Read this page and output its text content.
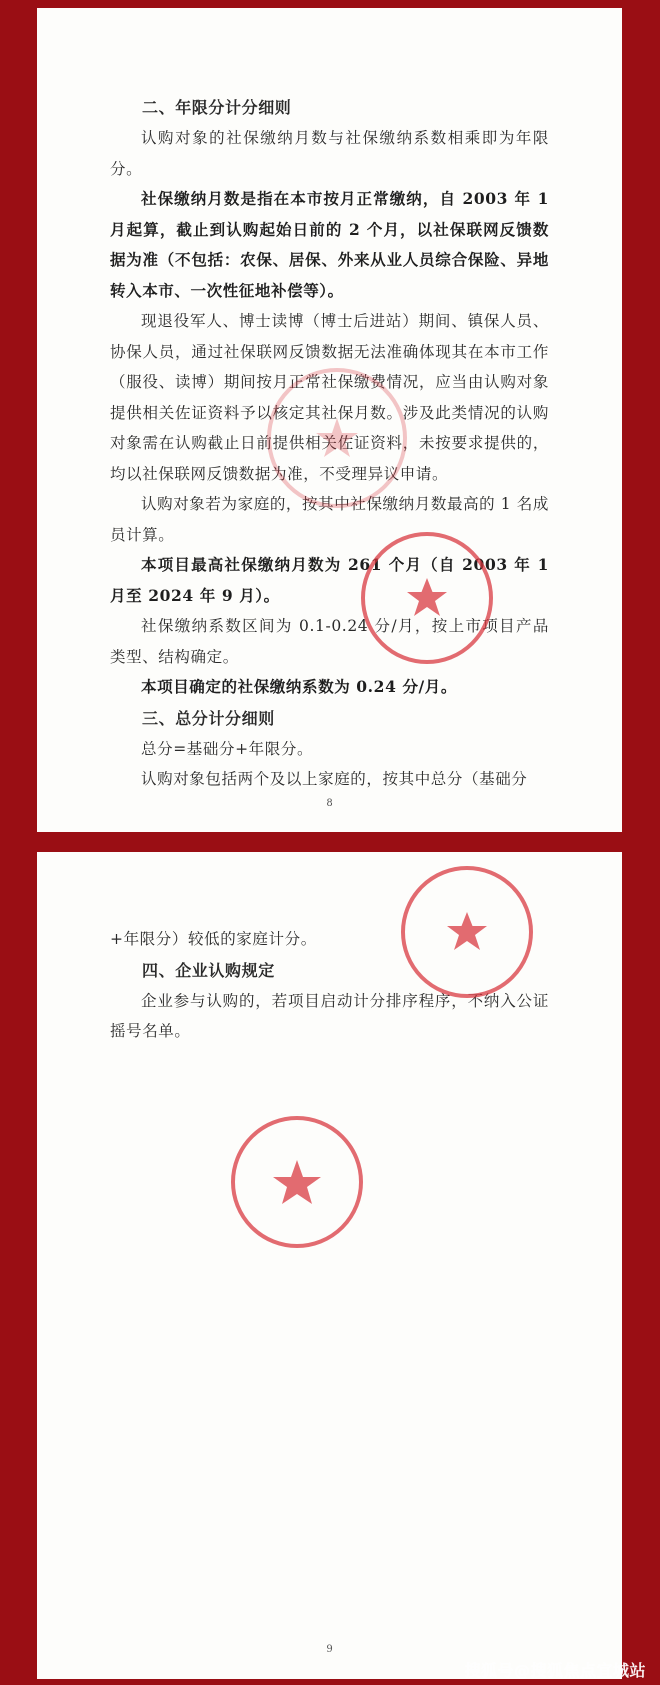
二、年限分计分细则

认购对象的社保缴纳月数与社保缴纳系数相乘即为年限分。

社保缴纳月数是指在本市按月正常缴纳，自 2003 年 1 月起算，截止到认购起始日前的 2 个月，以社保联网反馈数据为准（不包括：农保、居保、外来从业人员综合保险、异地转入本市、一次性征地补偿等）。

现退役军人、博士读博（博士后进站）期间、镇保人员、协保人员，通过社保联网反馈数据无法准确体现其在本市工作（服役、读博）期间按月正常社保缴费情况，应当由认购对象提供相关佐证资料予以核定其社保月数。涉及此类情况的认购对象需在认购截止日前提供相关佐证资料，未按要求提供的，均以社保联网反馈数据为准，不受理异议申请。

认购对象若为家庭的，按其中社保缴纳月数最高的 1 名成员计算。

本项目最高社保缴纳月数为 261 个月（自 2003 年 1 月至 2024 年 9 月）。

社保缴纳系数区间为 0.1-0.24 分/月，按上市项目产品类型、结构确定。

本项目确定的社保缴纳系数为 0.24 分/月。

三、总分计分细则

总分=基础分+年限分。

认购对象包括两个及以上家庭的，按其中总分（基础分

8

+年限分）较低的家庭计分。

四、企业认购规定

企业参与认购的，若项目启动计分排序程序，不纳入公证摇号名单。

9
搜狐号@搜狐焦点宜城站
